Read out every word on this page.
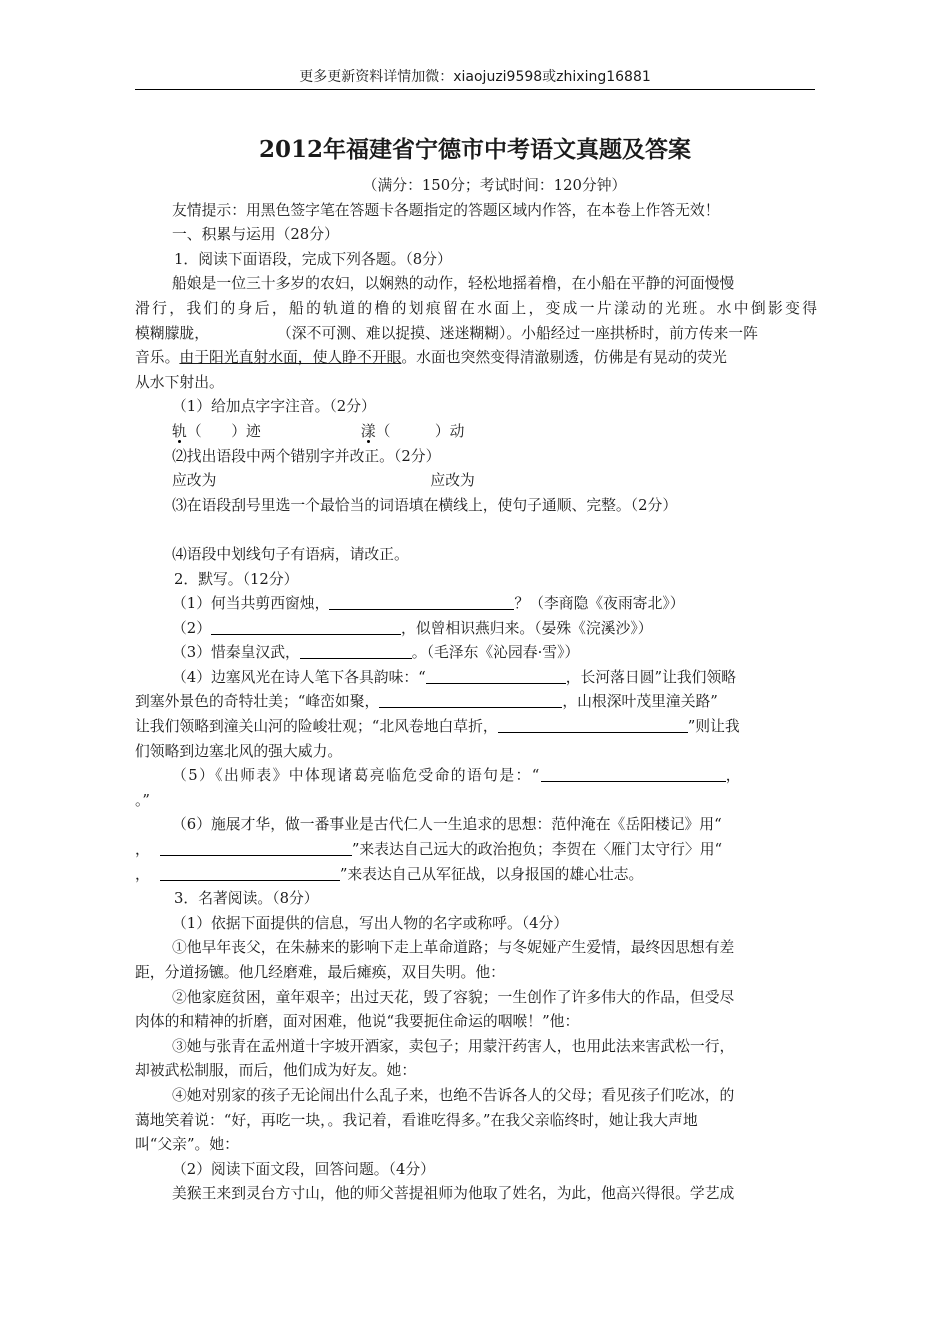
更多更新资料详情加微：xiaojuzi9598或zhixing16881
2012年福建省宁德市中考语文真题及答案
（满分：150分；考试时间：120分钟）
友情提示：用黑色签字笔在答题卡各题指定的答题区域内作答，在本卷上作答无效！
一、积累与运用（28分）
1．阅读下面语段，完成下列各题。（8分）
船娘是一位三十多岁的农妇，以娴熟的动作，轻松地摇着橹，在小船在平静的河面慢慢
滑行，我们的身后，船的轨道的橹的划痕留在水面上，变成一片漾动的光班。水中倒影变得
模糊朦胧，	（深不可测、难以捉摸、迷迷糊糊）。小船经过一座拱桥时，前方传来一阵
音乐。由于阳光直射水面，使人睁不开眼。水面也突然变得清澈剔透，仿佛是有晃动的荧光
从水下射出。
（1）给加点字字注音。（2分）
轨（　　）迹	漾（　　　）动
⑵找出语段中两个错别字并改正。（2分）
应改为	应改为
⑶在语段刮号里选一个最恰当的词语填在横线上，使句子通顺、完整。（2分）
⑷语段中划线句子有语病，请改正。
2．默写。（12分）
（1）何当共剪西窗烛，	？（李商隐《夜雨寄北》）
（2）	，似曾相识燕归来。（晏殊《浣溪沙》）
（3）惜秦皇汉武，	。（毛泽东《沁园春·雪》）
（4）边塞风光在诗人笔下各具韵味：“	，长河落日圆”让我们领略
到塞外景色的奇特壮美；“峰峦如聚，	，山根深叶茂里潼关路”
让我们领略到潼关山河的险峻壮观；“北风卷地白草折，	”则让我
们领略到边塞北风的强大威力。
（5）《出师表》中体现诸葛亮临危受命的语句是：“	，
。”
（6）施展才华，做一番事业是古代仁人一生追求的思想：范仲淹在《岳阳楼记》用“
，	”来表达自己远大的政治抱负；李贺在〈雁门太守行〉用“
，	”来表达自己从军征战，以身报国的雄心壮志。
3．名著阅读。（8分）
（1）依据下面提供的信息，写出人物的名字或称呼。（4分）
①他早年丧父，在朱赫来的影响下走上革命道路；与冬妮娅产生爱情，最终因思想有差
距，分道扬镳。他几经磨难，最后瘫痪，双目失明。他：
②他家庭贫困，童年艰辛；出过天花，毁了容貌；一生创作了许多伟大的作品，但受尽
肉体的和精神的折磨，面对困难，他说“我要扼住命运的咽喉！”他：
③她与张青在孟州道十字坡开酒家，卖包子；用蒙汗药害人，也用此法来害武松一行，
却被武松制服，而后，他们成为好友。她：
④她对别家的孩子无论闹出什么乱子来，也绝不告诉各人的父母；看见孩子们吃冰，的
蔼地笑着说：“好，再吃一块，。我记着，看谁吃得多。”在我父亲临终时，她让我大声地
叫“父亲”。她：
（2）阅读下面文段，回答问题。（4分）
美猴王来到灵台方寸山，他的师父菩提祖师为他取了姓名，为此，他高兴得很。学艺成
